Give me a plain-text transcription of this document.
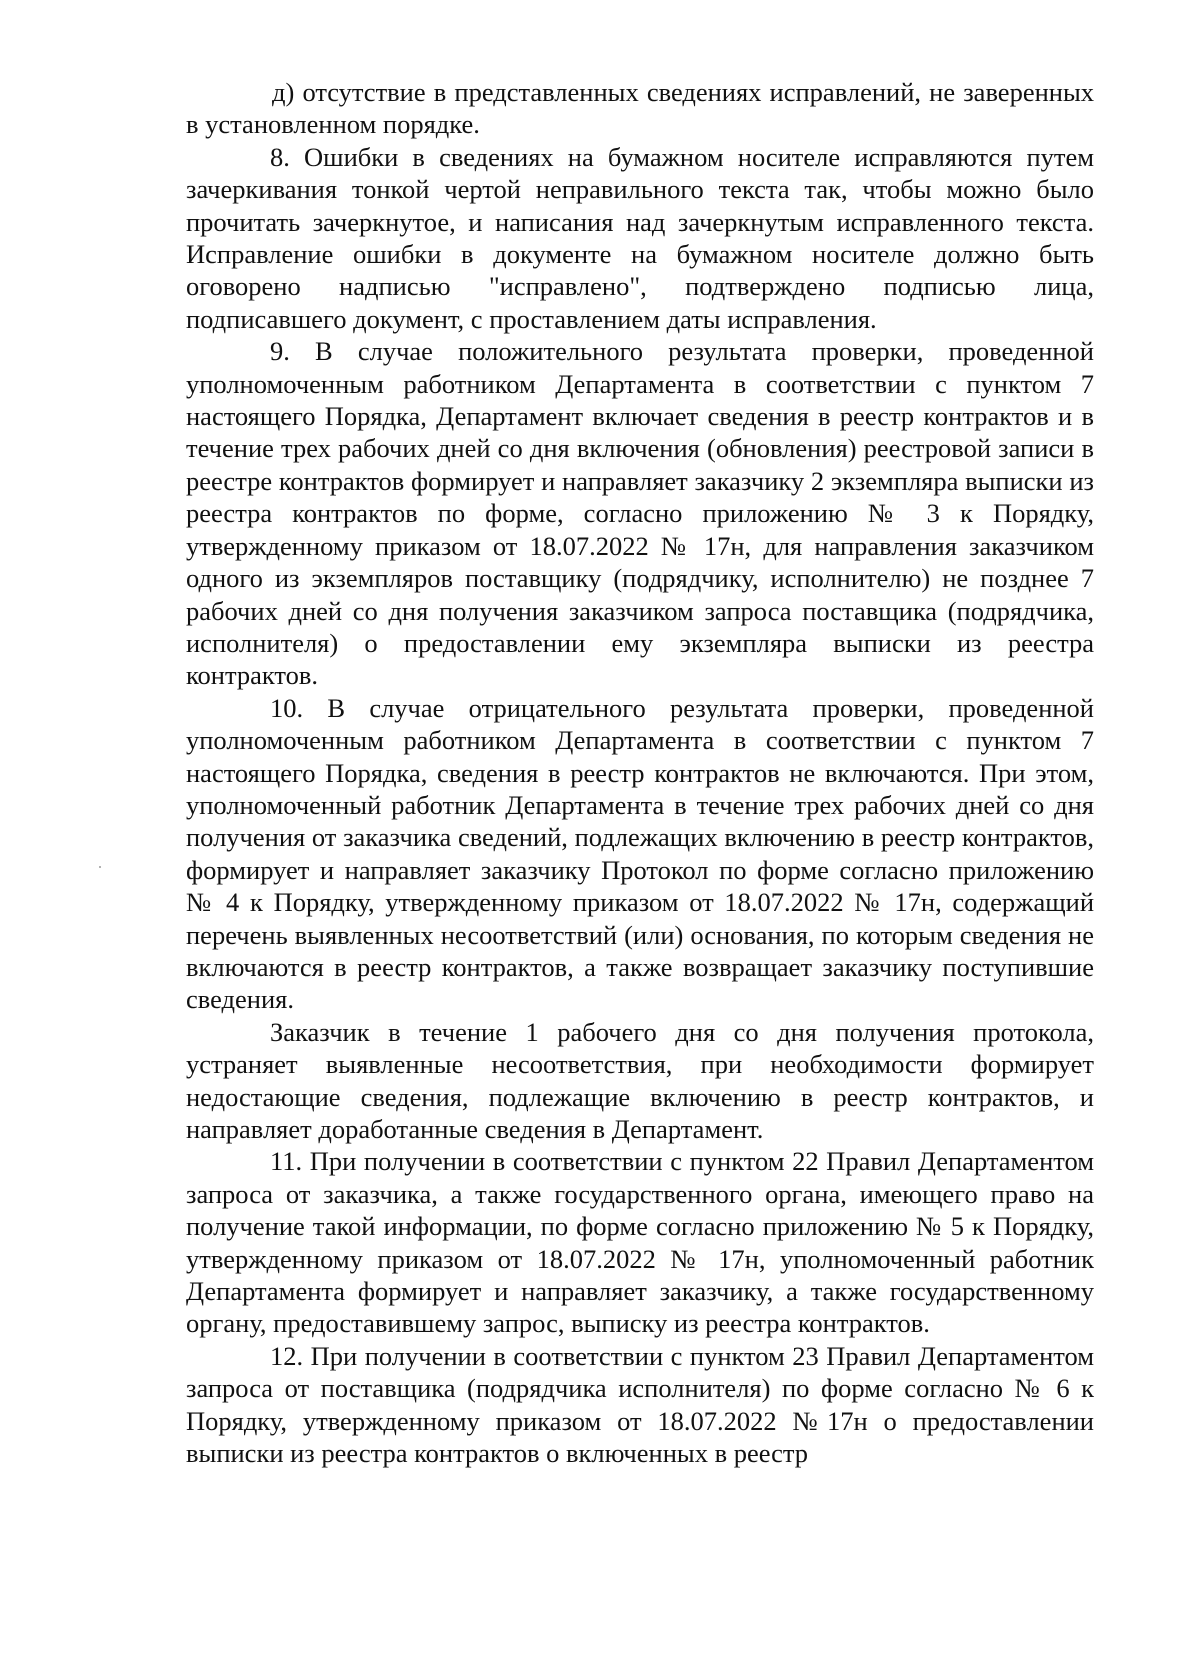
д) отсутствие в представленных сведениях исправлений, не заверенных в установленном порядке.

8. Ошибки в сведениях на бумажном носителе исправляются путем зачеркивания тонкой чертой неправильного текста так, чтобы можно было прочитать зачеркнутое, и написания над зачеркнутым исправленного текста. Исправление ошибки в документе на бумажном носителе должно быть оговорено надписью "исправлено", подтверждено подписью лица, подписавшего документ, с проставлением даты исправления.

9. В случае положительного результата проверки, проведенной уполномоченным работником Департамента в соответствии с пунктом 7 настоящего Порядка, Департамент включает сведения в реестр контрактов и в течение трех рабочих дней со дня включения (обновления) реестровой записи в реестре контрактов формирует и направляет заказчику 2 экземпляра выписки из реестра контрактов по форме, согласно приложению № 3 к Порядку, утвержденному приказом от 18.07.2022 № 17н, для направления заказчиком одного из экземпляров поставщику (подрядчику, исполнителю) не позднее 7 рабочих дней со дня получения заказчиком запроса поставщика (подрядчика, исполнителя) о предоставлении ему экземпляра выписки из реестра контрактов.

10. В случае отрицательного результата проверки, проведенной уполномоченным работником Департамента в соответствии с пунктом 7 настоящего Порядка, сведения в реестр контрактов не включаются. При этом, уполномоченный работник Департамента в течение трех рабочих дней со дня получения от заказчика сведений, подлежащих включению в реестр контрактов, формирует и направляет заказчику Протокол по форме согласно приложению № 4 к Порядку, утвержденному приказом от 18.07.2022 № 17н, содержащий перечень выявленных несоответствий (или) основания, по которым сведения не включаются в реестр контрактов, а также возвращает заказчику поступившие сведения.

Заказчик в течение 1 рабочего дня со дня получения протокола, устраняет выявленные несоответствия, при необходимости формирует недостающие сведения, подлежащие включению в реестр контрактов, и направляет доработанные сведения в Департамент.

11. При получении в соответствии с пунктом 22 Правил Департаментом запроса от заказчика, а также государственного органа, имеющего право на получение такой информации, по форме согласно приложению № 5 к Порядку, утвержденному приказом от 18.07.2022 № 17н, уполномоченный работник Департамента формирует и направляет заказчику, а также государственному органу, предоставившему запрос, выписку из реестра контрактов.

12. При получении в соответствии с пунктом 23 Правил Департаментом запроса от поставщика (подрядчика исполнителя) по форме согласно № 6 к Порядку, утвержденному приказом от 18.07.2022 №17н о предоставлении выписки из реестра контрактов о включенных в реестр
